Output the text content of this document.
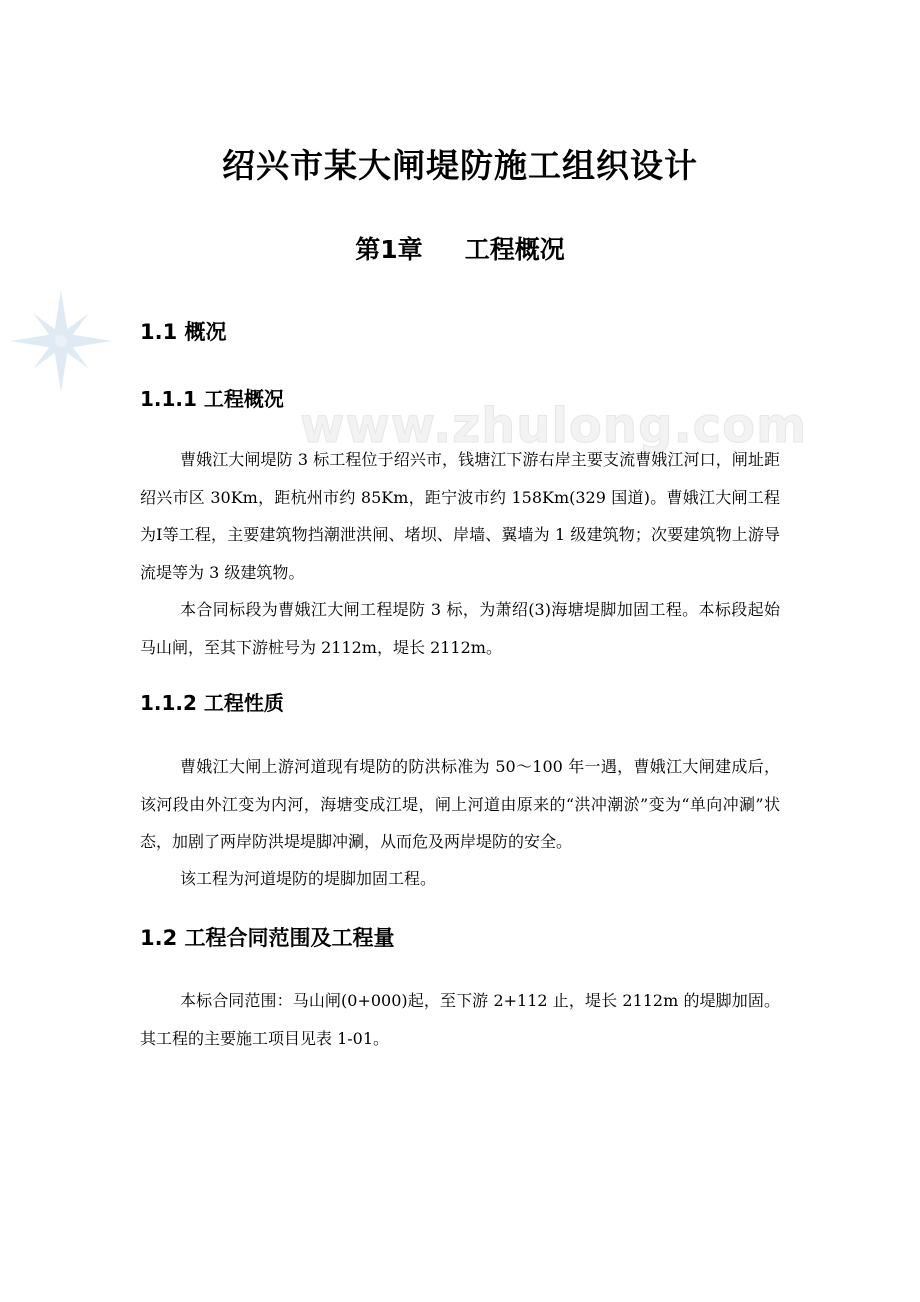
www.zhulong.com
绍兴市某大闸堤防施工组织设计
第1章 工程概况
1.1 概况
1.1.1 工程概况

曹娥江大闸堤防 3 标工程位于绍兴市，钱塘江下游右岸主要支流曹娥江河口，闸址距绍兴市区 30Km，距杭州市约 85Km，距宁波市约 158Km(329 国道)。曹娥江大闸工程为Ⅰ等工程，主要建筑物挡潮泄洪闸、堵坝、岸墙、翼墙为 1 级建筑物；次要建筑物上游导流堤等为 3 级建筑物。

本合同标段为曹娥江大闸工程堤防 3 标，为萧绍(3)海塘堤脚加固工程。本标段起始马山闸，至其下游桩号为 2112m，堤长 2112m。

1.1.2 工程性质

曹娥江大闸上游河道现有堤防的防洪标准为 50～100 年一遇，曹娥江大闸建成后，该河段由外江变为内河，海塘变成江堤，闸上河道由原来的“洪冲潮淤”变为“单向冲涮”状态，加剧了两岸防洪堤堤脚冲涮，从而危及两岸堤防的安全。

该工程为河道堤防的堤脚加固工程。

1.2 工程合同范围及工程量

本标合同范围：马山闸(0+000)起，至下游 2+112 止，堤长 2112m 的堤脚加固。其工程的主要施工项目见表 1-01。
